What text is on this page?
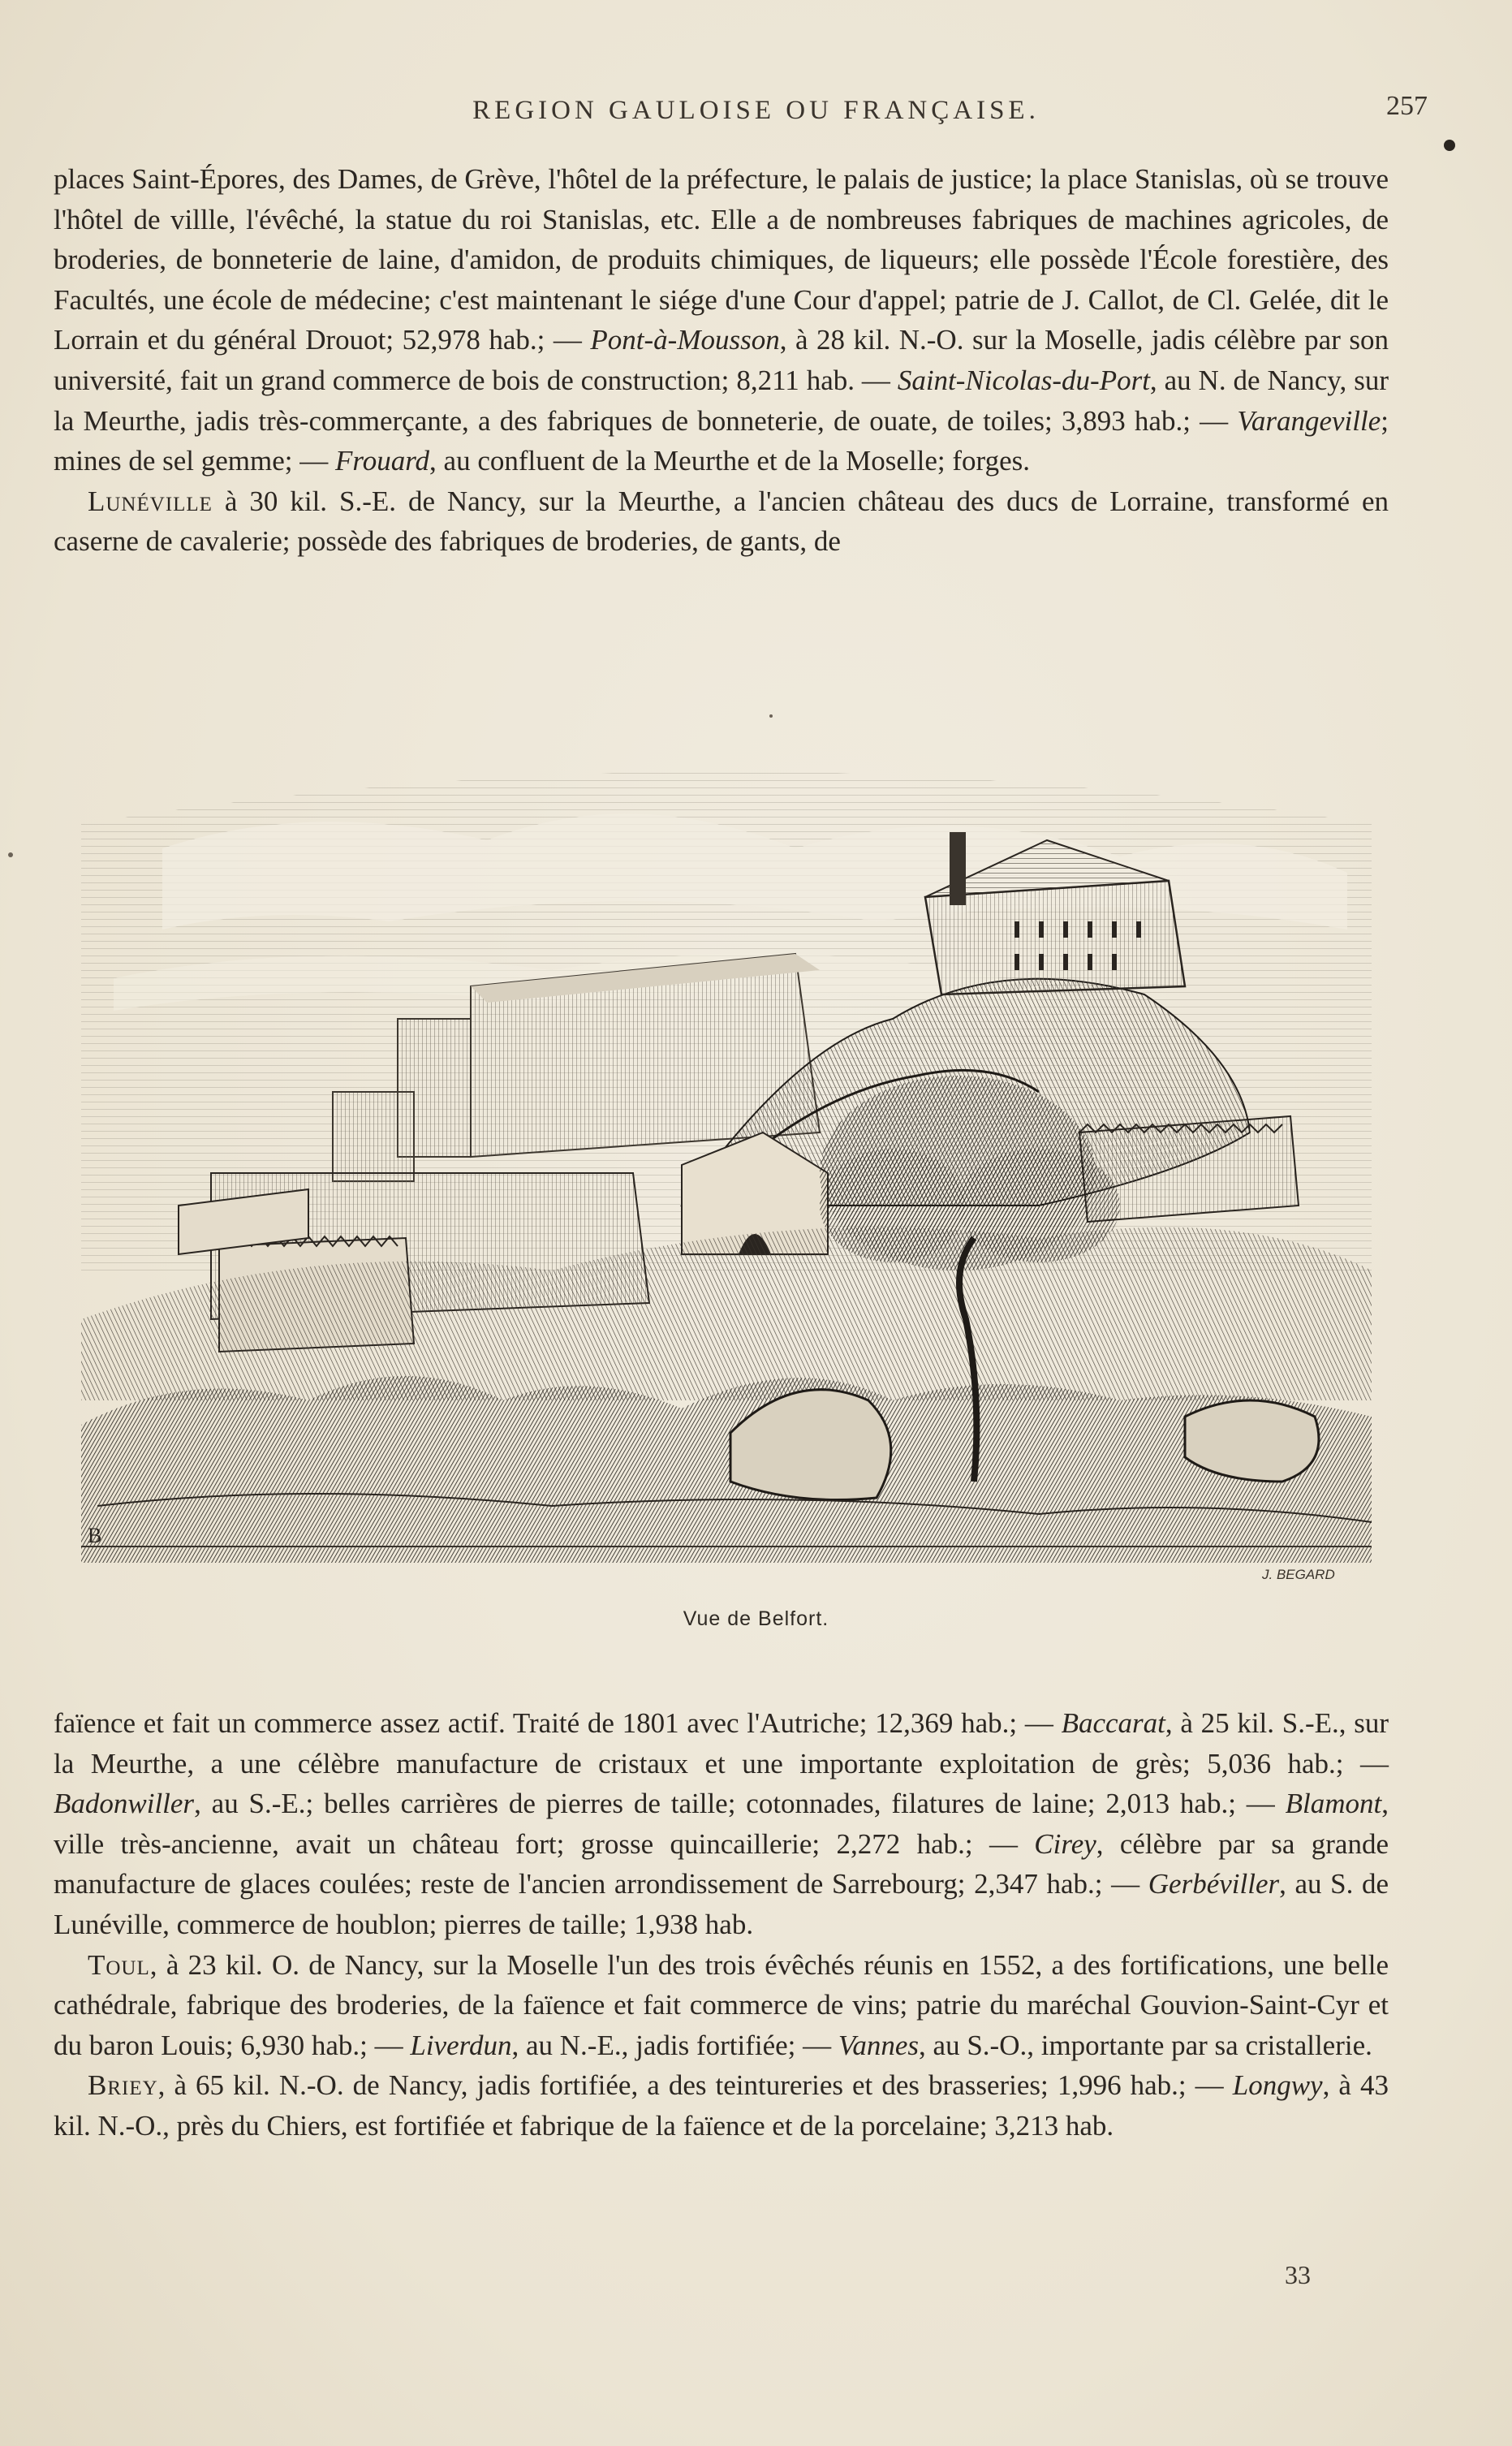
REGION GAULOISE OU FRANÇAISE.	257

places Saint-Épores, des Dames, de Grève, l'hôtel de la préfecture, le palais de justice; la place Stanislas, où se trouve l'hôtel de villle, l'évêché, la statue du roi Stanislas, etc. Elle a de nombreuses fabriques de machines agricoles, de broderies, de bonneterie de laine, d'amidon, de produits chimiques, de liqueurs; elle possède l'École forestière, des Facultés, une école de médecine; c'est maintenant le siége d'une Cour d'appel; patrie de J. Callot, de Cl. Gelée, dit le Lorrain et du général Drouot; 52,978 hab.; — Pont-à-Mousson, à 28 kil. N.-O. sur la Moselle, jadis célèbre par son université, fait un grand commerce de bois de construction; 8,211 hab. — Saint-Nicolas-du-Port, au N. de Nancy, sur la Meurthe, jadis très-commerçante, a des fabriques de bonneterie, de ouate, de toiles; 3,893 hab.; — Varangeville; mines de sel gemme; — Frouard, au confluent de la Meurthe et de la Moselle; forges.

Lunéville à 30 kil. S.-E. de Nancy, sur la Meurthe, a l'ancien château des ducs de Lorraine, transformé en caserne de cavalerie; possède des fabriques de broderies, de gants, de

B
J. BEGARD
Vue de Belfort.

faïence et fait un commerce assez actif. Traité de 1801 avec l'Autriche; 12,369 hab.; — Baccarat, à 25 kil. S.-E., sur la Meurthe, a une célèbre manufacture de cristaux et une importante exploitation de grès; 5,036 hab.; — Badonwiller, au S.-E.; belles carrières de pierres de taille; cotonnades, filatures de laine; 2,013 hab.; — Blamont, ville très-ancienne, avait un château fort; grosse quincaillerie; 2,272 hab.; — Cirey, célèbre par sa grande manufacture de glaces coulées; reste de l'ancien arrondissement de Sarrebourg; 2,347 hab.; — Gerbéviller, au S. de Lunéville, commerce de houblon; pierres de taille; 1,938 hab.

Toul, à 23 kil. O. de Nancy, sur la Moselle l'un des trois évêchés réunis en 1552, a des fortifications, une belle cathédrale, fabrique des broderies, de la faïence et fait commerce de vins; patrie du maréchal Gouvion-Saint-Cyr et du baron Louis; 6,930 hab.; — Liverdun, au N.-E., jadis fortifiée; — Vannes, au S.-O., importante par sa cristallerie.

Briey, à 65 kil. N.-O. de Nancy, jadis fortifiée, a des teintureries et des brasseries; 1,996 hab.; — Longwy, à 43 kil. N.-O., près du Chiers, est fortifiée et fabrique de la faïence et de la porcelaine; 3,213 hab.

33
